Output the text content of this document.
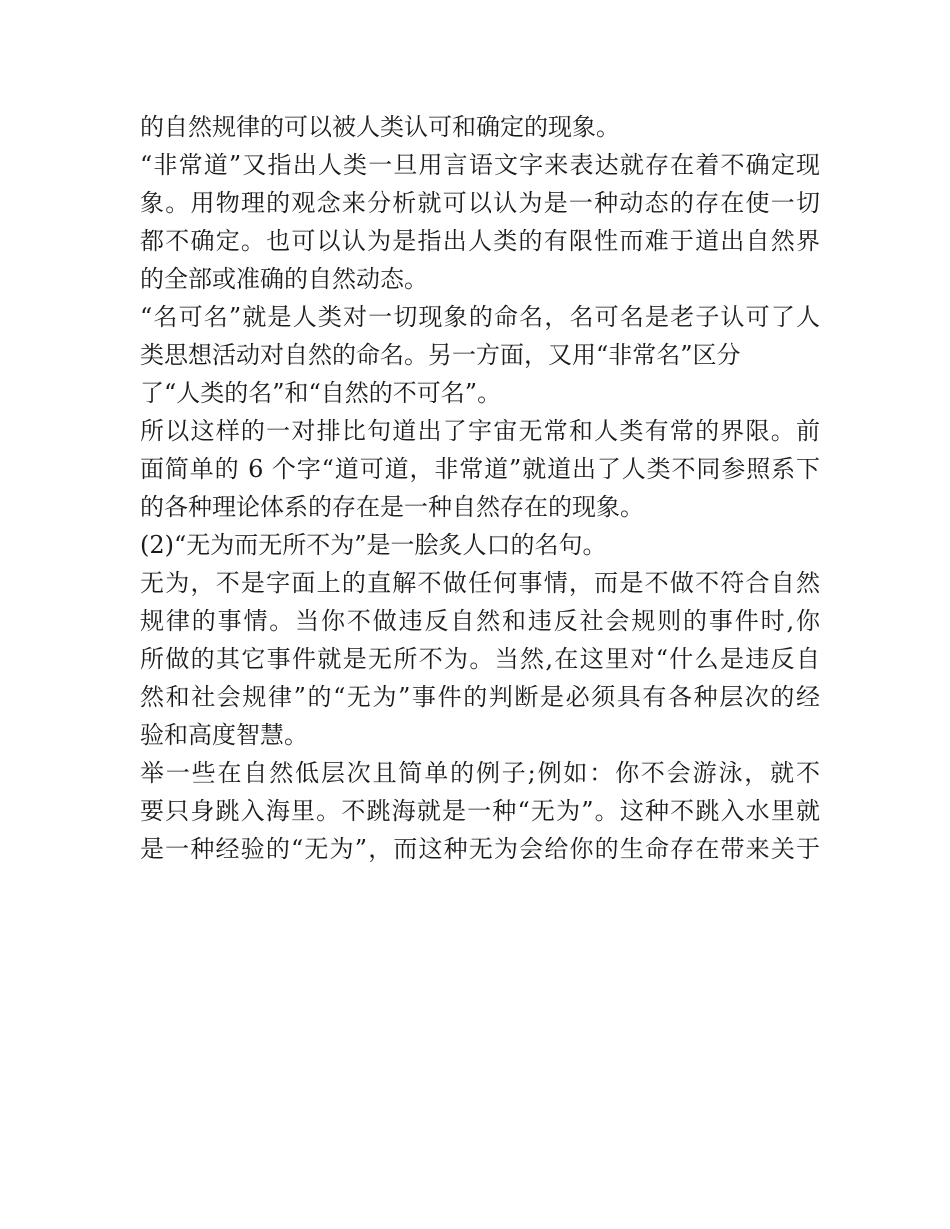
的自然规律的可以被人类认可和确定的现象。
“非常道”又指出人类一旦用言语文字来表达就存在着不确定现
象。用物理的观念来分析就可以认为是一种动态的存在使一切
都不确定。也可以认为是指出人类的有限性而难于道出自然界
的全部或准确的自然动态。
“名可名”就是人类对一切现象的命名，名可名是老子认可了人
类思想活动对自然的命名。另一方面，又用“非常名”区分
了“人类的名”和“自然的不可名”。
所以这样的一对排比句道出了宇宙无常和人类有常的界限。前
面简单的 6 个字“道可道，非常道”就道出了人类不同参照系下
的各种理论体系的存在是一种自然存在的现象。
(2)“无为而无所不为”是一脍炙人口的名句。
无为，不是字面上的直解不做任何事情，而是不做不符合自然
规律的事情。当你不做违反自然和违反社会规则的事件时,你
所做的其它事件就是无所不为。当然,在这里对“什么是违反自
然和社会规律”的“无为”事件的判断是必须具有各种层次的经
验和高度智慧。
举一些在自然低层次且简单的例子;例如：你不会游泳，就不
要只身跳入海里。不跳海就是一种“无为”。这种不跳入水里就
是一种经验的“无为”，而这种无为会给你的生命存在带来关于
